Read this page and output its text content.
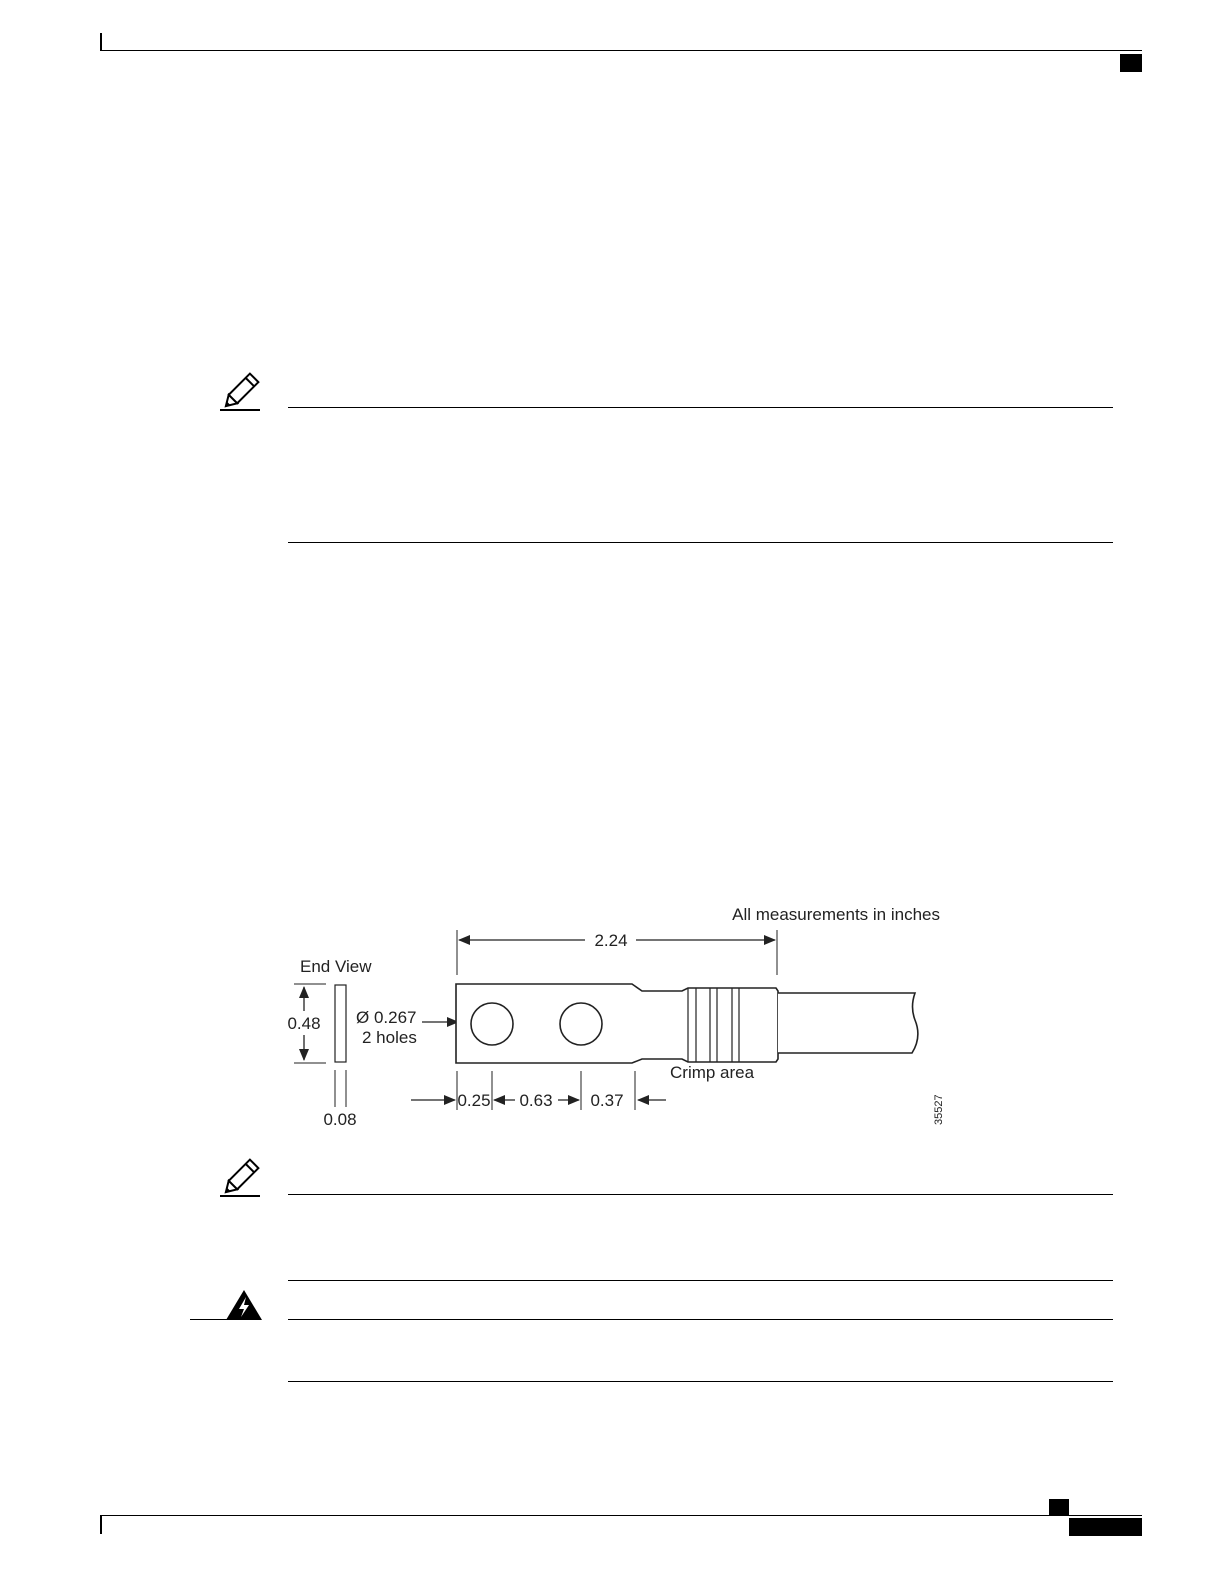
All measurements in inches
2.24
End View
0.48
0.08
Ø 0.267
2 holes
Crimp area
0.25 0.63 0.37	35527
